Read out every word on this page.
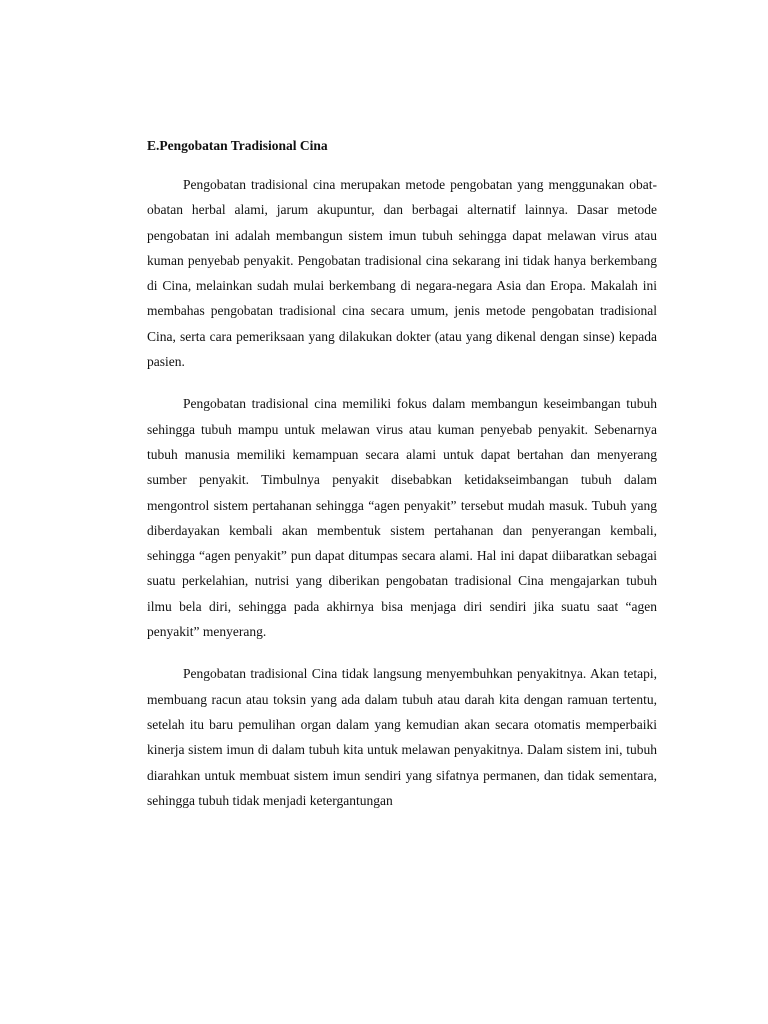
E.Pengobatan Tradisional Cina

Pengobatan tradisional cina merupakan metode pengobatan yang menggunakan obat-obatan herbal alami, jarum akupuntur, dan berbagai alternatif lainnya. Dasar metode pengobatan ini adalah membangun sistem imun tubuh sehingga dapat melawan virus atau kuman penyebab penyakit. Pengobatan tradisional cina sekarang ini tidak hanya berkembang di Cina, melainkan sudah mulai berkembang di negara-negara Asia dan Eropa. Makalah ini membahas pengobatan tradisional cina secara umum, jenis metode pengobatan tradisional Cina, serta cara pemeriksaan yang dilakukan dokter (atau yang dikenal dengan sinse) kepada pasien.

Pengobatan tradisional cina memiliki fokus dalam membangun keseimbangan tubuh sehingga tubuh mampu untuk melawan virus atau kuman penyebab penyakit. Sebenarnya tubuh manusia memiliki kemampuan secara alami untuk dapat bertahan dan menyerang sumber penyakit. Timbulnya penyakit disebabkan ketidakseimbangan tubuh dalam mengontrol sistem pertahanan sehingga “agen penyakit” tersebut mudah masuk. Tubuh yang diberdayakan kembali akan membentuk sistem pertahanan dan penyerangan kembali, sehingga “agen penyakit” pun dapat ditumpas secara alami. Hal ini dapat diibaratkan sebagai suatu perkelahian, nutrisi yang diberikan pengobatan tradisional Cina mengajarkan tubuh ilmu bela diri, sehingga pada akhirnya bisa menjaga diri sendiri jika suatu saat “agen penyakit” menyerang.

Pengobatan tradisional Cina tidak langsung menyembuhkan penyakitnya. Akan tetapi, membuang racun atau toksin yang ada dalam tubuh atau darah kita dengan ramuan tertentu, setelah itu baru pemulihan organ dalam yang kemudian akan secara otomatis memperbaiki kinerja sistem imun di dalam tubuh kita untuk melawan penyakitnya. Dalam sistem ini, tubuh diarahkan untuk membuat sistem imun sendiri yang sifatnya permanen, dan tidak sementara, sehingga tubuh tidak menjadi ketergantungan
